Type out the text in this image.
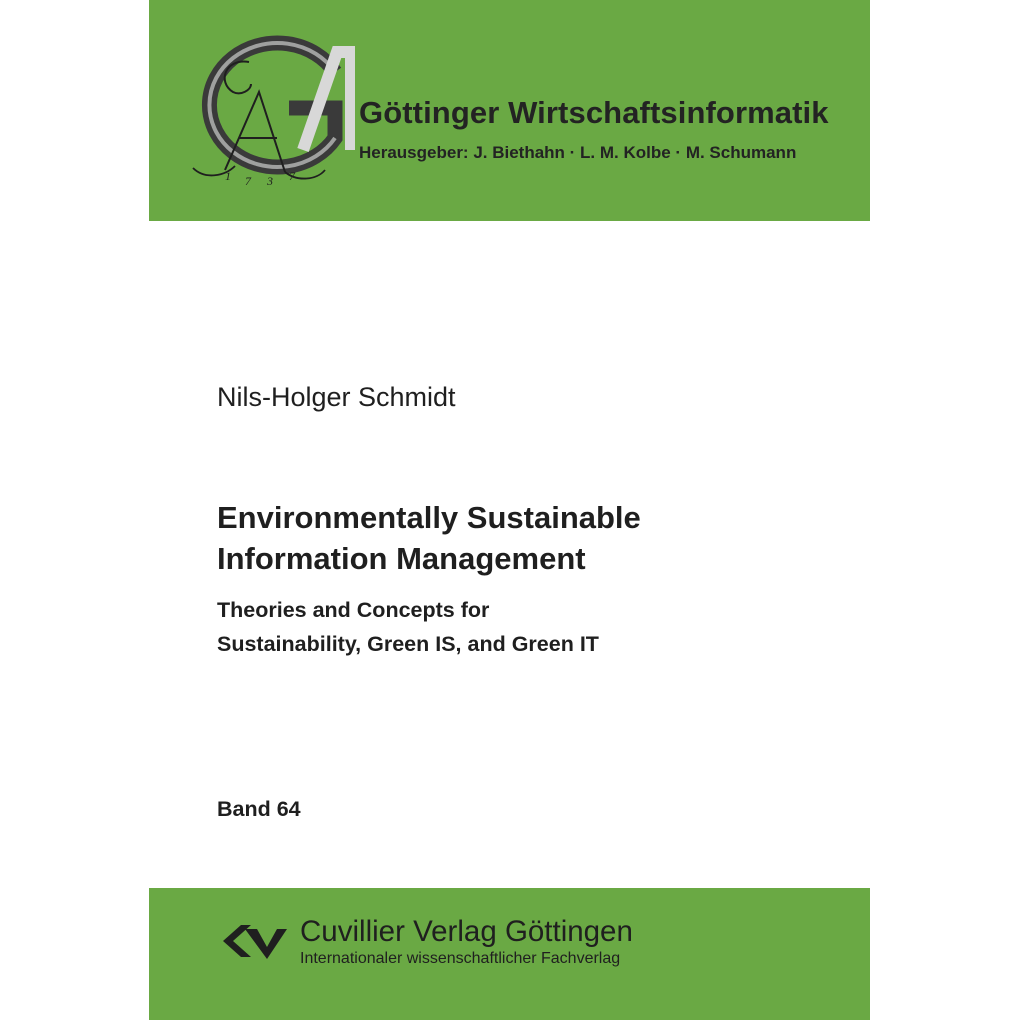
1 7 3 7
Göttinger Wirtschaftsinformatik
Herausgeber: J. Biethahn · L. M. Kolbe · M. Schumann
Nils-Holger Schmidt
Environmentally Sustainable
Information Management
Theories and Concepts for
Sustainability, Green IS, and Green IT
Band 64
Cuvillier Verlag Göttingen
Internationaler wissenschaftlicher Fachverlag
